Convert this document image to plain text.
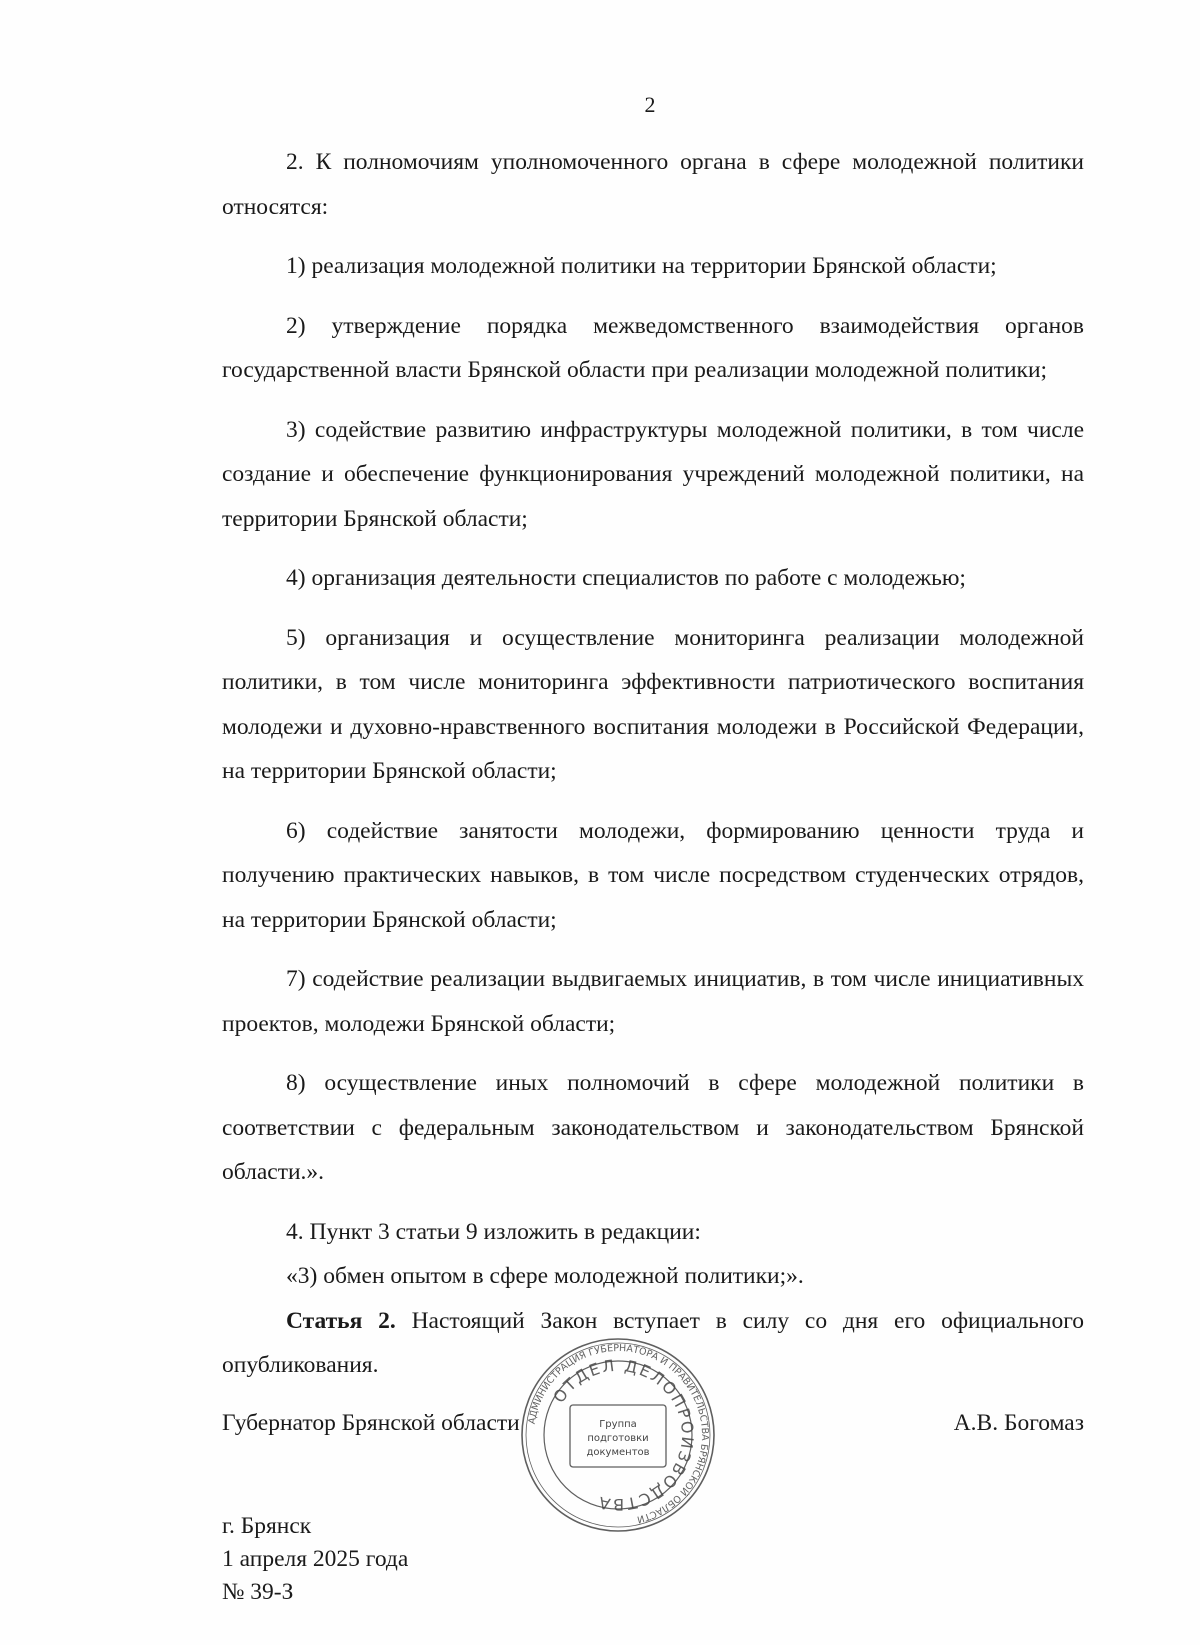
2

2. К полномочиям уполномоченного органа в сфере молодежной политики относятся:

1) реализация молодежной политики на территории Брянской области;

2) утверждение порядка межведомственного взаимодействия органов государственной власти Брянской области при реализации молодежной политики;

3) содействие развитию инфраструктуры молодежной политики, в том числе создание и обеспечение функционирования учреждений молодежной политики, на территории Брянской области;

4) организация деятельности специалистов по работе с молодежью;

5) организация и осуществление мониторинга реализации молодежной политики, в том числе мониторинга эффективности патриотического воспитания молодежи и духовно-нравственного воспитания молодежи в Российской Федерации, на территории Брянской области;

6) содействие занятости молодежи, формированию ценности труда и получению практических навыков, в том числе посредством студенческих отрядов, на территории Брянской области;

7) содействие реализации выдвигаемых инициатив, в том числе инициативных проектов, молодежи Брянской области;

8) осуществление иных полномочий в сфере молодежной политики в соответствии с федеральным законодательством и законодательством Брянской области.».

4. Пункт 3 статьи 9 изложить в редакции:

«3) обмен опытом в сфере молодежной политики;».

Статья 2. Настоящий Закон вступает в силу со дня его официального опубликования.

Губернатор Брянской области	А.В. Богомаз
АДМИНИСТРАЦИЯ ГУБЕРНАТОРА И ПРАВИТЕЛЬСТВА БРЯНСКОЙ ОБЛАСТИ
ОТДЕЛ ДЕЛОПРОИЗВОДСТВА
Группа
подготовки
документов
г. Брянск
1 апреля 2025 года
№ 39-З
